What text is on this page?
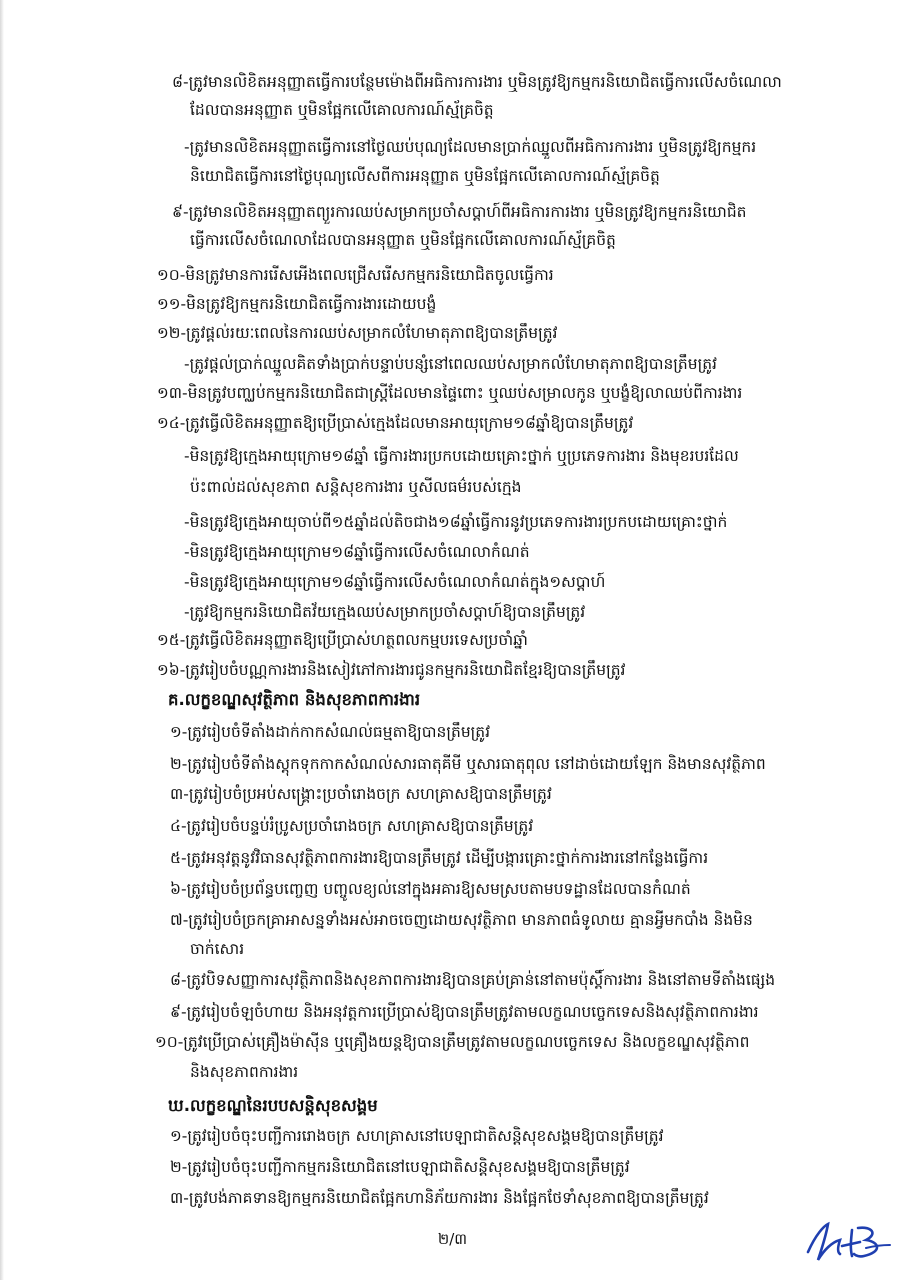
៨-ត្រូវមានលិខិតអនុញ្ញាតធ្វើការបន្ថែមម៉ោងពីអធិការការងារ ឬមិនត្រូវឱ្យកម្មករនិយោជិតធ្វើការលើសចំណេលា
ដែលបានអនុញ្ញាត ឬមិនផ្អែកលើគោលការណ៍ស្ម័គ្រចិត្ត
-ត្រូវមានលិខិតអនុញ្ញាតធ្វើការនៅថ្ងៃឈប់បុណ្យដែលមានប្រាក់ឈ្នួលពីអធិការការងារ ឬមិនត្រូវឱ្យកម្មករ
និយោជិតធ្វើការនៅថ្ងៃបុណ្យលើសពីការអនុញ្ញាត ឬមិនផ្អែកលើគោលការណ៍ស្ម័គ្រចិត្ត
៩-ត្រូវមានលិខិតអនុញ្ញាតព្យួរការឈប់សម្រាកប្រចាំសប្តាហ៍ពីអធិការការងារ ឬមិនត្រូវឱ្យកម្មករនិយោជិត
ធ្វើការលើសចំណេលាដែលបានអនុញ្ញាត ឬមិនផ្អែកលើគោលការណ៍ស្ម័គ្រចិត្ត
១០-មិនត្រូវមានការរើសអើងពេលជ្រើសរើសកម្មករនិយោជិតចូលធ្វើការ
១១-មិនត្រូវឱ្យកម្មករនិយោជិតធ្វើការងារដោយបង្ខំ
១២-ត្រូវផ្តល់រយៈពេលនៃការឈប់សម្រាកលំហែមាតុភាពឱ្យបានត្រឹមត្រូវ
-ត្រូវផ្តល់ប្រាក់ឈ្នួលគិតទាំងប្រាក់បន្ទាប់បន្សំនៅពេលឈប់សម្រាកលំហែមាតុភាពឱ្យបានត្រឹមត្រូវ
១៣-មិនត្រូវបញ្ឈប់កម្មករនិយោជិតជាស្ត្រីដែលមានផ្ទៃពោះ ឬឈប់សម្រាលកូន ឬបង្ខំឱ្យលាឈប់ពីការងារ
១៤-ត្រូវធ្វើលិខិតអនុញ្ញាតឱ្យប្រើប្រាស់ក្មេងដែលមានអាយុក្រោម១៨ឆ្នាំឱ្យបានត្រឹមត្រូវ
-មិនត្រូវឱ្យក្មេងអាយុក្រោម១៨ឆ្នាំ ធ្វើការងារប្រកបដោយគ្រោះថ្នាក់ ឬប្រភេទការងារ និងមុខរបរដែល
ប៉ះពាល់ដល់សុខភាព សន្តិសុខការងារ ឬសីលធម៌របស់ក្មេង
-មិនត្រូវឱ្យក្មេងអាយុចាប់ពី១៥ឆ្នាំដល់តិចជាង១៨ឆ្នាំធ្វើការនូវប្រភេទការងារប្រកបដោយគ្រោះថ្នាក់
-មិនត្រូវឱ្យក្មេងអាយុក្រោម១៨ឆ្នាំធ្វើការលើសចំណេលាកំណត់
-មិនត្រូវឱ្យក្មេងអាយុក្រោម១៨ឆ្នាំធ្វើការលើសចំណេលាកំណត់ក្នុង១សប្តាហ៍
-ត្រូវឱ្យកម្មករនិយោជិតវ័យក្មេងឈប់សម្រាកប្រចាំសប្តាហ៍ឱ្យបានត្រឹមត្រូវ
១៥-ត្រូវធ្វើលិខិតអនុញ្ញាតឱ្យប្រើប្រាស់ហត្ថពលកម្មបរទេសប្រចាំឆ្នាំ
១៦-ត្រូវរៀបចំបណ្ណការងារនិងសៀវភៅការងារជូនកម្មករនិយោជិតខ្មែរឱ្យបានត្រឹមត្រូវ
គ.លក្ខខណ្ឌសុវត្ថិភាព និងសុខភាពការងារ
១-ត្រូវរៀបចំទីតាំងដាក់កាកសំណល់ធម្មតាឱ្យបានត្រឹមត្រូវ
២-ត្រូវរៀបចំទីតាំងស្តុកទុកកាកសំណល់សារធាតុគីមី ឬសារធាតុពុល នៅដាច់ដោយឡែក និងមានសុវត្ថិភាព
៣-ត្រូវរៀបចំប្រអប់សង្គ្រោះប្រចាំរោងចក្រ សហគ្រាសឱ្យបានត្រឹមត្រូវ
៤-ត្រូវរៀបចំបន្ទប់រំប្រូសប្រចាំរោងចក្រ សហគ្រាសឱ្យបានត្រឹមត្រូវ
៥-ត្រូវអនុវត្តនូវវិធានសុវត្ថិភាពការងារឱ្យបានត្រឹមត្រូវ ដើម្បីបង្ការគ្រោះថ្នាក់ការងារនៅកន្លែងធ្វើការ
៦-ត្រូវរៀបចំប្រព័ន្ធបញ្ចេញ បញ្ចូលខ្យល់នៅក្នុងអគារឱ្យសមស្របតាមបទដ្ឋានដែលបានកំណត់
៧-ត្រូវរៀបចំច្រកគ្រាអាសន្នទាំងអស់អាចចេញដោយសុវត្ថិភាព មានភាពធំទូលាយ គ្មានអ្វីមកបាំង និងមិន
ចាក់សោរ
៨-ត្រូវបិទសញ្ញាការសុវត្ថិភាពនិងសុខភាពការងារឱ្យបានគ្រប់គ្រាន់នៅតាមប៉ុស្តិ៍ការងារ និងនៅតាមទីតាំងផ្សេង
៩-ត្រូវរៀបចំឡចំហាយ និងអនុវត្តការប្រើប្រាស់ឱ្យបានត្រឹមត្រូវតាមលក្ខណបច្ចេកទេសនិងសុវត្ថិភាពការងារ
១០-ត្រូវប្រើប្រាស់គ្រឿងម៉ាស៊ីន ឬគ្រឿងយន្តឱ្យបានត្រឹមត្រូវតាមលក្ខណបច្ចេកទេស និងលក្ខខណ្ឌសុវត្ថិភាព
និងសុខភាពការងារ
ឃ.លក្ខខណ្ឌនៃរបបសន្តិសុខសង្គម
១-ត្រូវរៀបចំចុះបញ្ជីការរោងចក្រ សហគ្រាសនៅបេឡាជាតិសន្តិសុខសង្គមឱ្យបានត្រឹមត្រូវ
២-ត្រូវរៀបចំចុះបញ្ជីកាកម្មករនិយោជិតនៅបេឡាជាតិសន្តិសុខសង្គមឱ្យបានត្រឹមត្រូវ
៣-ត្រូវបង់ភាគទានឱ្យកម្មករនិយោជិតផ្អែកហានិភ័យការងារ និងផ្អែកថែទាំសុខភាពឱ្យបានត្រឹមត្រូវ
២/៣
